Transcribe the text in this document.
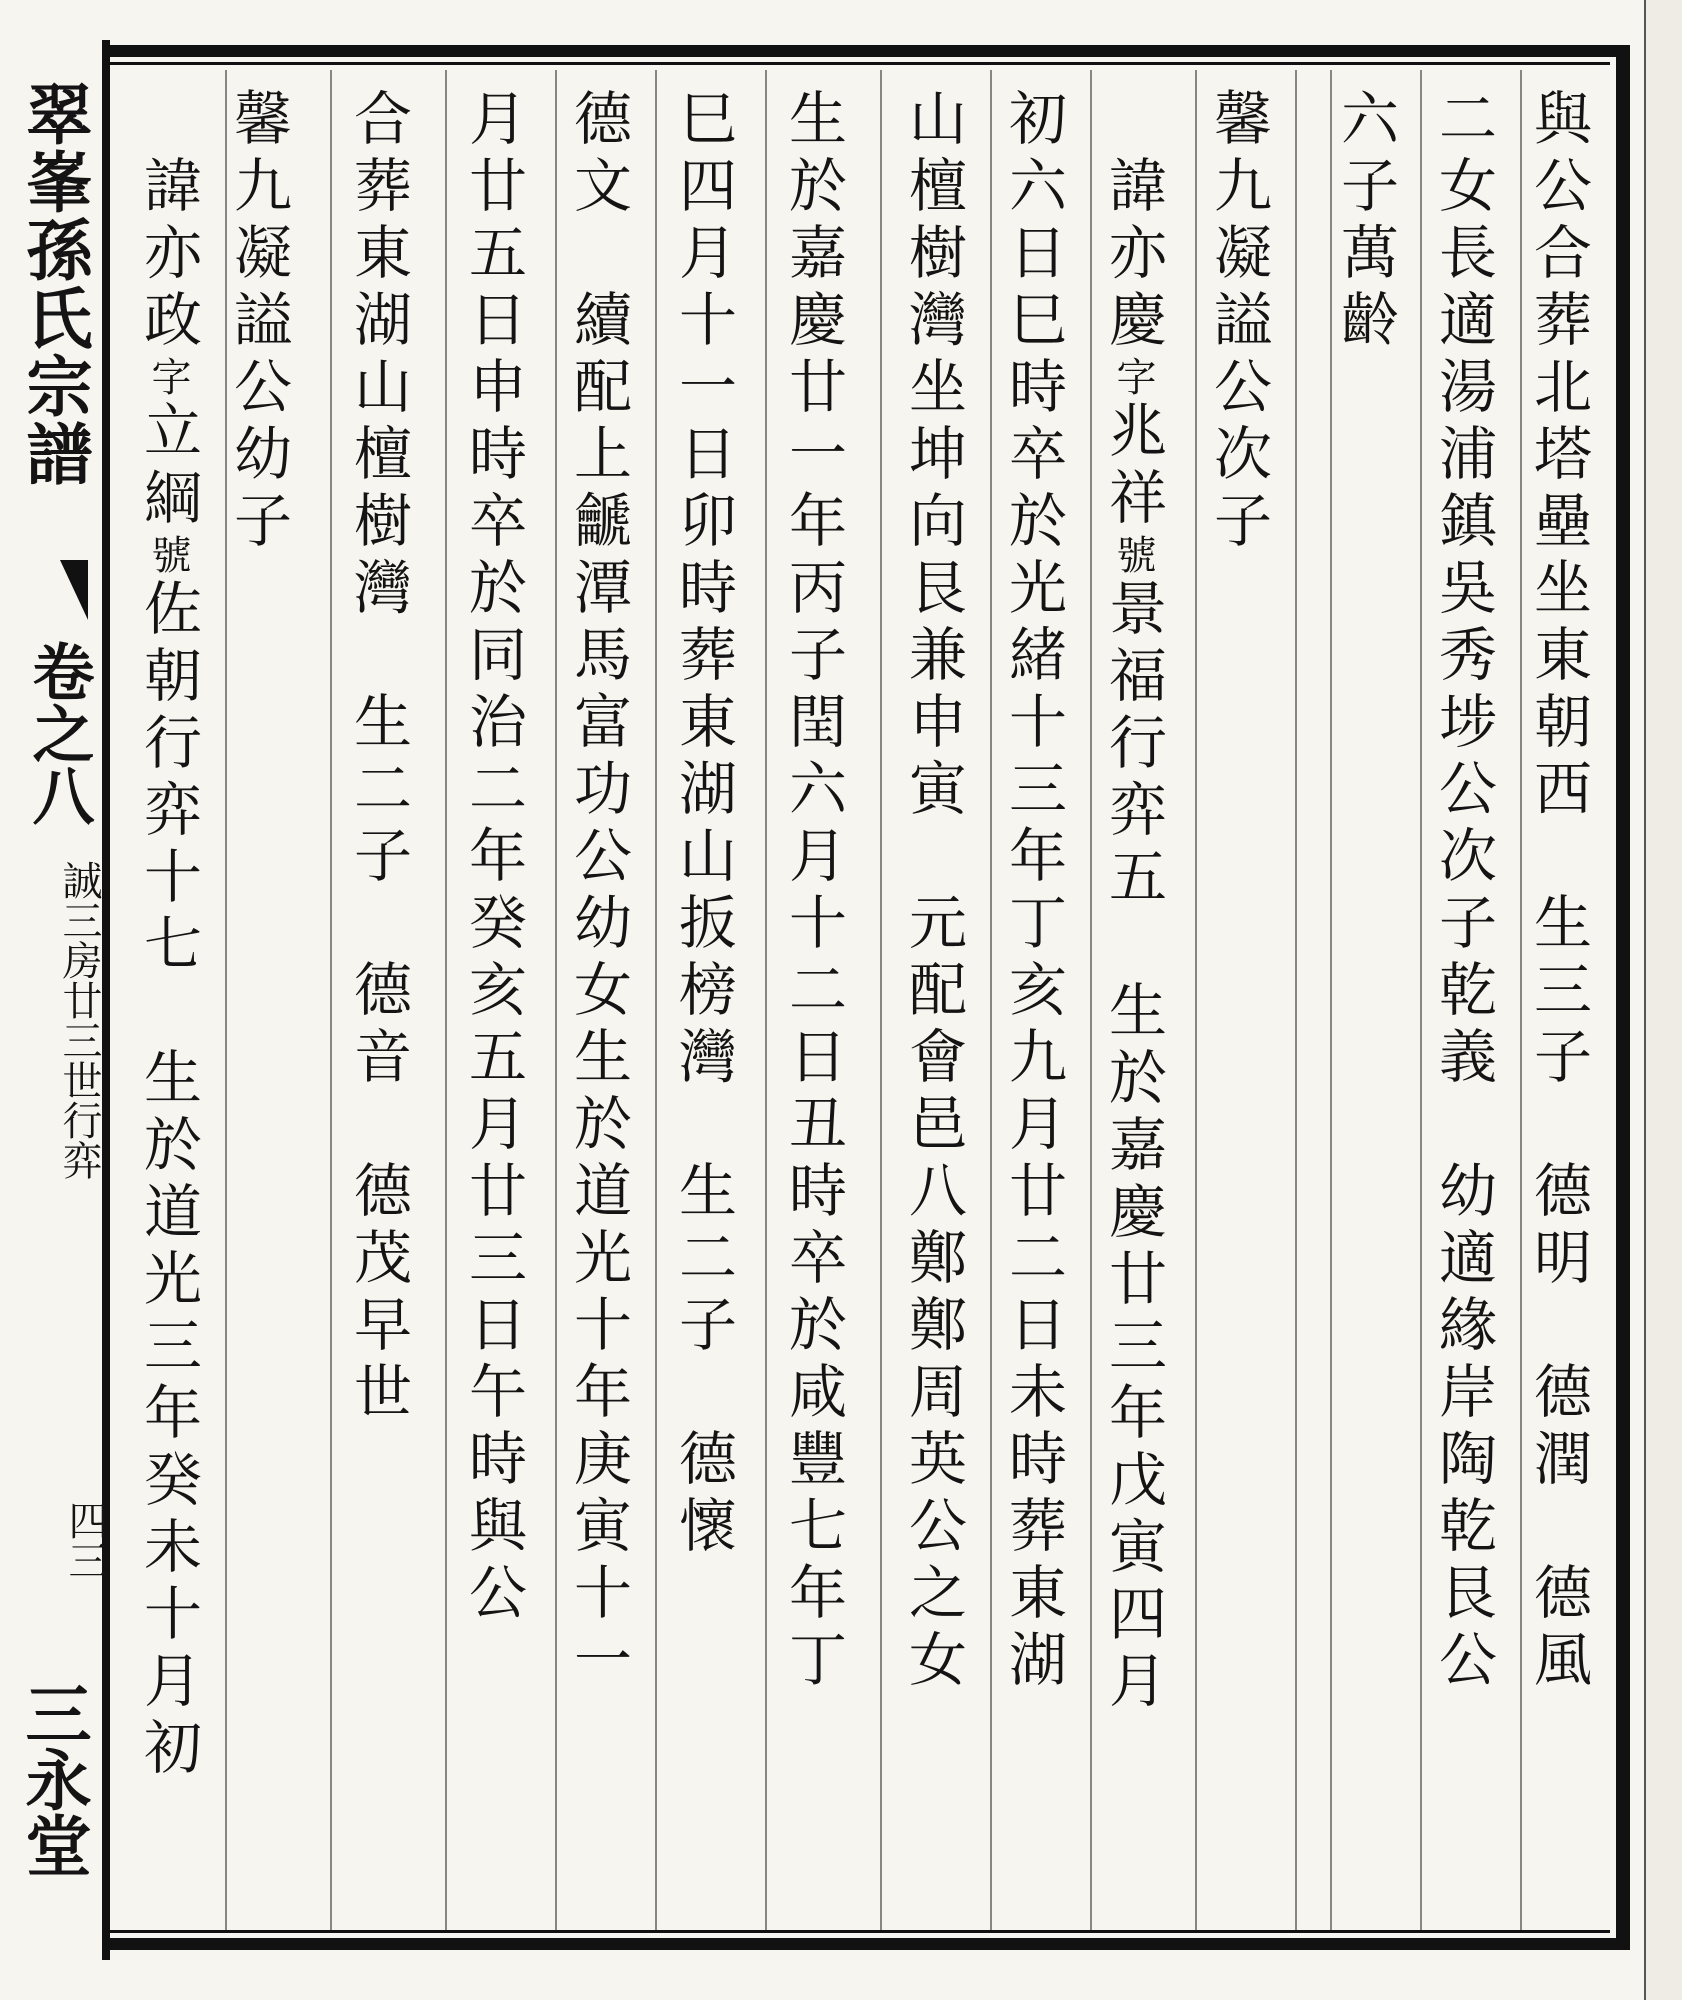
翠峯孫氏宗譜
卷之八
誠三房廿三世行弈
四三
三永堂
與公合葬北塔壘坐東朝西　生三子　德明　德潤　德風
二女長適湯浦鎮吳秀埗公次子乾義　幼適緣岸陶乾艮公
六子萬齡
馨九凝謚公次子
　諱亦慶字兆祥號景福行弈五　生於嘉慶廿三年戊寅四月
初六日巳時卒於光緒十三年丁亥九月廿二日未時葬東湖
山檀樹灣坐坤向艮兼申寅　元配會邑八鄭鄭周英公之女
生於嘉慶廿一年丙子閏六月十二日丑時卒於咸豐七年丁
巳四月十一日卯時葬東湖山扳榜灣　生二子　德懷
德文　續配上䶵潭馬富功公幼女生於道光十年庚寅十一
月廿五日申時卒於同治二年癸亥五月廿三日午時與公
合葬東湖山檀樹灣　生二子　德音　德茂早世
馨九凝謚公幼子
　諱亦政字立綱號佐朝行弈十七　生於道光三年癸未十月初
